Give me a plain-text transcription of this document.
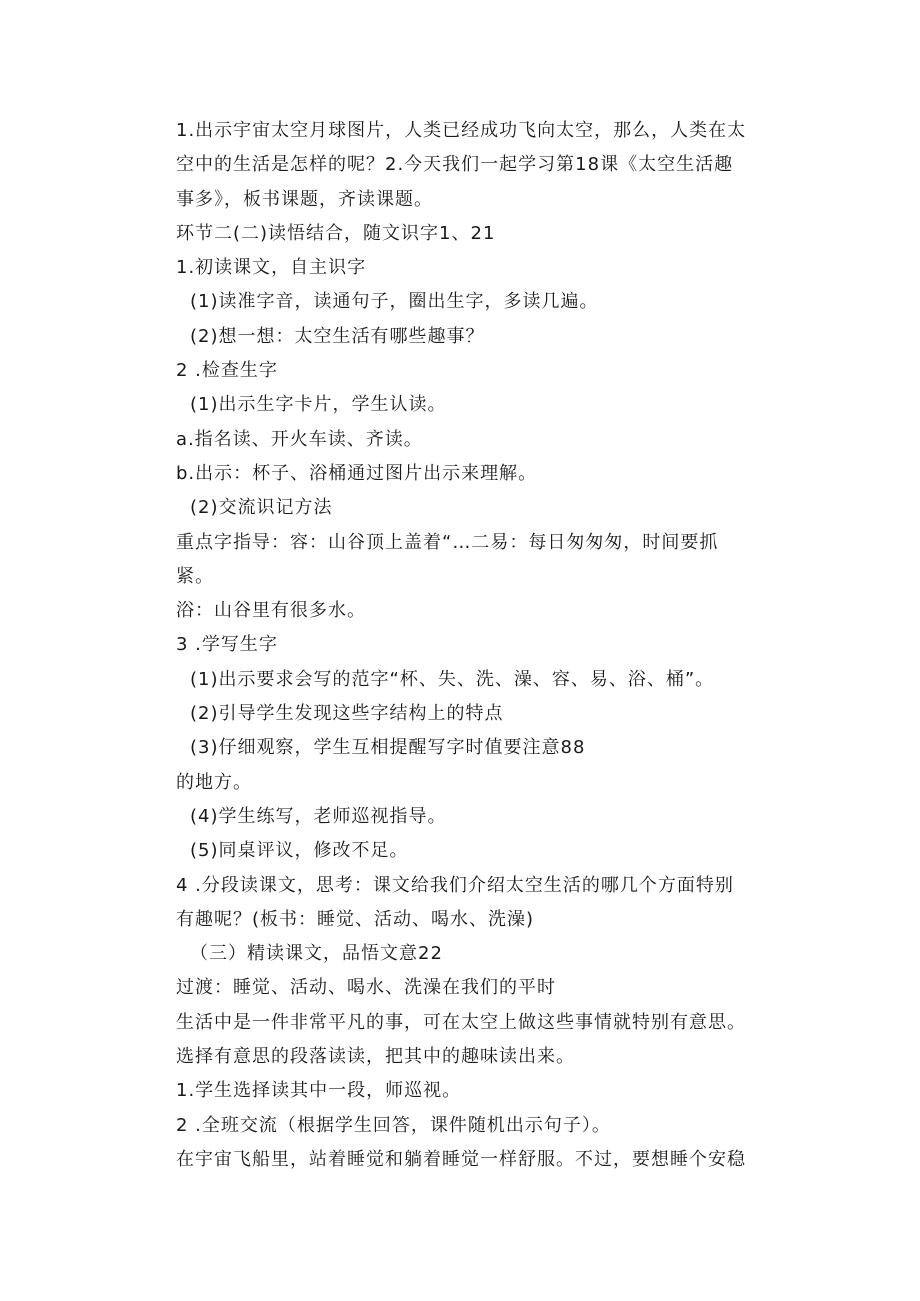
1.出示宇宙太空月球图片，人类已经成功飞向太空，那么，人类在太
空中的生活是怎样的呢？2.今天我们一起学习第18课《太空生活趣
事多》，板书课题，齐读课题。
环节二(二)读悟结合，随文识字1、21
1.初读课文，自主识字
(1)读准字音，读通句子，圈出生字，多读几遍。
(2)想一想：太空生活有哪些趣事？
2 .检查生字
(1)出示生字卡片，学生认读。
a.指名读、开火车读、齐读。
b.出示：杯子、浴桶通过图片出示来理解。
(2)交流识记方法
重点字指导：容：山谷顶上盖着“…二易：每日匆匆匆，时间要抓
紧。
浴：山谷里有很多水。
3 .学写生字
(1)出示要求会写的范字“杯、失、洗、澡、容、易、浴、桶”。
(2)引导学生发现这些字结构上的特点
(3)仔细观察，学生互相提醒写字时值要注意88
的地方。
(4)学生练写，老师巡视指导。
(5)同桌评议，修改不足。
4 .分段读课文，思考：课文给我们介绍太空生活的哪几个方面特别
有趣呢？(板书：睡觉、活动、喝水、洗澡)
（三）精读课文，品悟文意22
过渡：睡觉、活动、喝水、洗澡在我们的平时
生活中是一件非常平凡的事，可在太空上做这些事情就特别有意思。
选择有意思的段落读读，把其中的趣味读出来。
1.学生选择读其中一段，师巡视。
2 .全班交流（根据学生回答，课件随机出示句子）。
在宇宙飞船里，站着睡觉和躺着睡觉一样舒服。不过，要想睡个安稳
